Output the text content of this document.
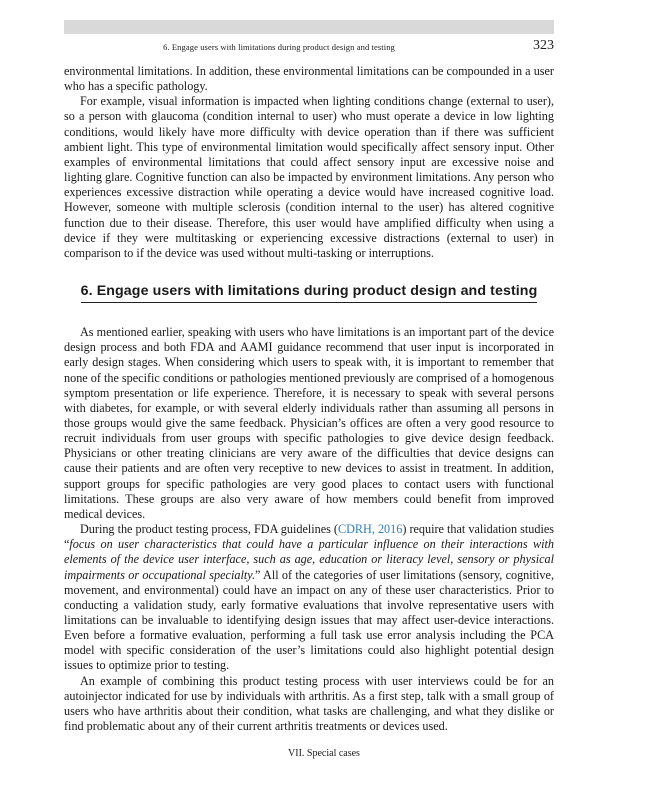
6. Engage users with limitations during product design and testing	323

environmental limitations. In addition, these environmental limitations can be compounded in a user who has a specific pathology.

For example, visual information is impacted when lighting conditions change (external to user), so a person with glaucoma (condition internal to user) who must operate a device in low lighting conditions, would likely have more difficulty with device operation than if there was sufficient ambient light. This type of environmental limitation would specifically affect sensory input. Other examples of environmental limitations that could affect sensory input are excessive noise and lighting glare. Cognitive function can also be impacted by environment limitations. Any person who experiences excessive distraction while operating a device would have increased cognitive load. However, someone with multiple sclerosis (condition internal to the user) has altered cognitive function due to their disease. Therefore, this user would have amplified difficulty when using a device if they were multitasking or experiencing excessive distractions (external to user) in comparison to if the device was used without multi-tasking or interruptions.

6. Engage users with limitations during product design and testing

As mentioned earlier, speaking with users who have limitations is an important part of the device design process and both FDA and AAMI guidance recommend that user input is incorporated in early design stages. When considering which users to speak with, it is important to remember that none of the specific conditions or pathologies mentioned previously are comprised of a homogenous symptom presentation or life experience. Therefore, it is necessary to speak with several persons with diabetes, for example, or with several elderly individuals rather than assuming all persons in those groups would give the same feedback. Physician’s offices are often a very good resource to recruit individuals from user groups with specific pathologies to give device design feedback. Physicians or other treating clinicians are very aware of the difficulties that device designs can cause their patients and are often very receptive to new devices to assist in treatment. In addition, support groups for specific pathologies are very good places to contact users with functional limitations. These groups are also very aware of how members could benefit from improved medical devices.

During the product testing process, FDA guidelines (CDRH, 2016) require that validation studies “focus on user characteristics that could have a particular influence on their interactions with elements of the device user interface, such as age, education or literacy level, sensory or physical impairments or occupational specialty.” All of the categories of user limitations (sensory, cognitive, movement, and environmental) could have an impact on any of these user characteristics. Prior to conducting a validation study, early formative evaluations that involve representative users with limitations can be invaluable to identifying design issues that may affect user-device interactions. Even before a formative evaluation, performing a full task use error analysis including the PCA model with specific consideration of the user’s limitations could also highlight potential design issues to optimize prior to testing.

An example of combining this product testing process with user interviews could be for an autoinjector indicated for use by individuals with arthritis. As a first step, talk with a small group of users who have arthritis about their condition, what tasks are challenging, and what they dislike or find problematic about any of their current arthritis treatments or devices used.

VII. Special cases
